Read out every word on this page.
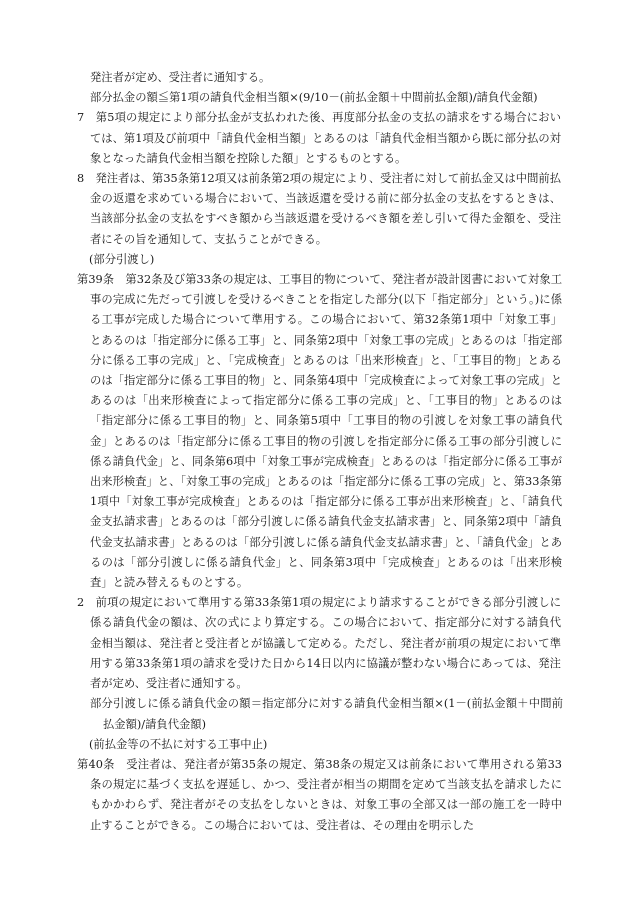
発注者が定め、受注者に通知する。
部分払金の額≦第1項の請負代金相当額×(9/10－(前払金額＋中間前払金額)/請負代金額)
7　第5項の規定により部分払金が支払われた後、再度部分払金の支払の請求をする場合においては、第1項及び前項中「請負代金相当額」とあるのは「請負代金相当額から既に部分払の対象となった請負代金相当額を控除した額」とするものとする。
8　発注者は、第35条第12項又は前条第2項の規定により、受注者に対して前払金又は中間前払金の返還を求めている場合において、当該返還を受ける前に部分払金の支払をするときは、当該部分払金の支払をすべき額から当該返還を受けるべき額を差し引いて得た金額を、受注者にその旨を通知して、支払うことができる。
(部分引渡し)
第39条　第32条及び第33条の規定は、工事目的物について、発注者が設計図書において対象工事の完成に先だって引渡しを受けるべきことを指定した部分(以下「指定部分」という。)に係る工事が完成した場合について準用する。この場合において、第32条第1項中「対象工事」とあるのは「指定部分に係る工事」と、同条第2項中「対象工事の完成」とあるのは「指定部分に係る工事の完成」と、「完成検査」とあるのは「出来形検査」と、「工事目的物」とあるのは「指定部分に係る工事目的物」と、同条第4項中「完成検査によって対象工事の完成」とあるのは「出来形検査によって指定部分に係る工事の完成」と、「工事目的物」とあるのは「指定部分に係る工事目的物」と、同条第5項中「工事目的物の引渡しを対象工事の請負代金」とあるのは「指定部分に係る工事目的物の引渡しを指定部分に係る工事の部分引渡しに係る請負代金」と、同条第6項中「対象工事が完成検査」とあるのは「指定部分に係る工事が出来形検査」と、「対象工事の完成」とあるのは「指定部分に係る工事の完成」と、第33条第1項中「対象工事が完成検査」とあるのは「指定部分に係る工事が出来形検査」と、「請負代金支払請求書」とあるのは「部分引渡しに係る請負代金支払請求書」と、同条第2項中「請負代金支払請求書」とあるのは「部分引渡しに係る請負代金支払請求書」と、「請負代金」とあるのは「部分引渡しに係る請負代金」と、同条第3項中「完成検査」とあるのは「出来形検査」と読み替えるものとする。
2　前項の規定において準用する第33条第1項の規定により請求することができる部分引渡しに係る請負代金の額は、次の式により算定する。この場合において、指定部分に対する請負代金相当額は、発注者と受注者とが協議して定める。ただし、発注者が前項の規定において準用する第33条第1項の請求を受けた日から14日以内に協議が整わない場合にあっては、発注者が定め、受注者に通知する。
部分引渡しに係る請負代金の額＝指定部分に対する請負代金相当額×(1－(前払金額＋中間前払金額)/請負代金額)
(前払金等の不払に対する工事中止)
第40条　受注者は、発注者が第35条の規定、第38条の規定又は前条において準用される第33条の規定に基づく支払を遅延し、かつ、受注者が相当の期間を定めて当該支払を請求したにもかかわらず、発注者がその支払をしないときは、対象工事の全部又は一部の施工を一時中止することができる。この場合においては、受注者は、その理由を明示した
